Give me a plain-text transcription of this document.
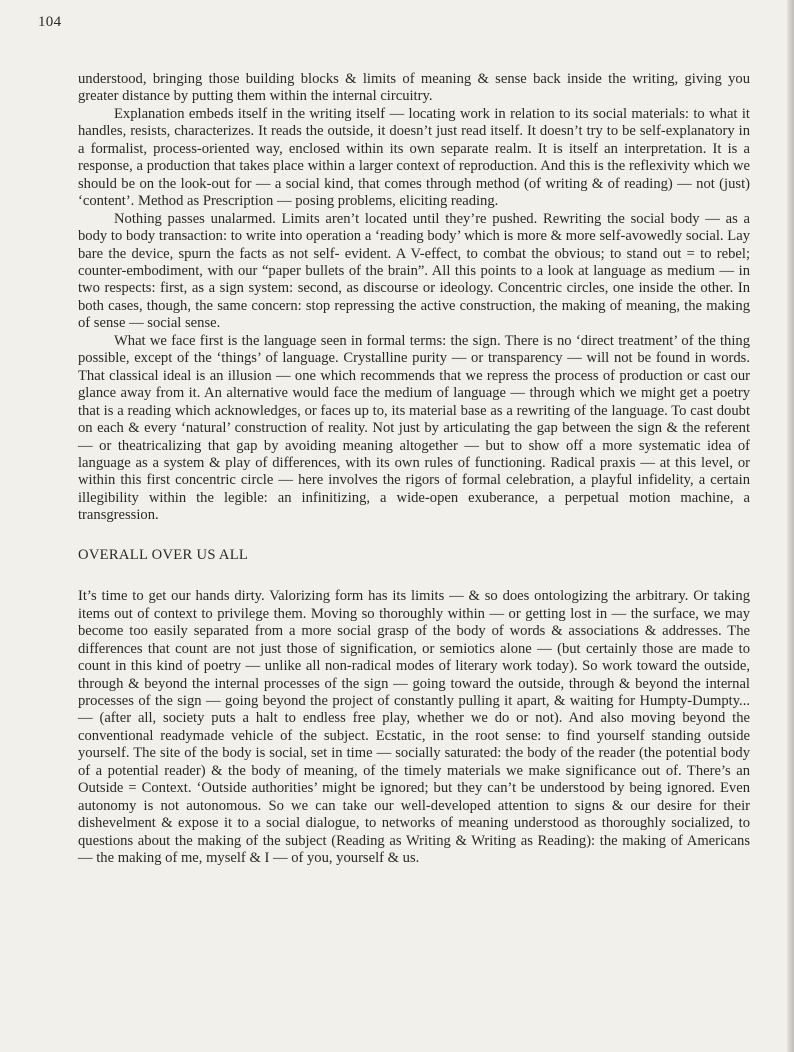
104

understood, bringing those building blocks & limits of meaning & sense back inside the writing, giving you greater distance by putting them within the internal circuitry.

Explanation embeds itself in the writing itself — locating work in relation to its social materials: to what it handles, resists, characterizes. It reads the outside, it doesn’t just read itself. It doesn’t try to be self-explanatory in a formalist, process-oriented way, enclosed within its own separate realm. It is itself an interpretation. It is a response, a production that takes place within a larger context of reproduction. And this is the reflexivity which we should be on the look-out for — a social kind, that comes through method (of writing & of reading) — not (just) ‘content’. Method as Prescription — posing problems, eliciting reading.

Nothing passes unalarmed. Limits aren’t located until they’re pushed. Rewriting the social body — as a body to body transaction: to write into operation a ‘reading body’ which is more & more self-avowedly social. Lay bare the device, spurn the facts as not self- evident. A V-effect, to combat the obvious; to stand out = to rebel; counter-embodiment, with our “paper bullets of the brain”. All this points to a look at language as medium — in two respects: first, as a sign system: second, as discourse or ideology. Concentric circles, one inside the other. In both cases, though, the same concern: stop repressing the active construction, the making of meaning, the making of sense — social sense.

What we face first is the language seen in formal terms: the sign. There is no ‘direct treatment’ of the thing possible, except of the ‘things’ of language. Crystalline purity — or transparency — will not be found in words. That classical ideal is an illusion — one which recommends that we repress the process of production or cast our glance away from it. An alternative would face the medium of language — through which we might get a poetry that is a reading which acknowledges, or faces up to, its material base as a rewriting of the language. To cast doubt on each & every ‘natural’ construction of reality. Not just by articulating the gap between the sign & the referent — or theatricalizing that gap by avoiding meaning altogether — but to show off a more systematic idea of language as a system & play of differences, with its own rules of functioning. Radical praxis — at this level, or within this first concentric circle — here involves the rigors of formal celebration, a playful infidelity, a certain illegibility within the legible: an infinitizing, a wide-open exuberance, a perpetual motion machine, a transgression.

OVERALL OVER US ALL

It’s time to get our hands dirty. Valorizing form has its limits — & so does ontologizing the arbitrary. Or taking items out of context to privilege them. Moving so thoroughly within — or getting lost in — the surface, we may become too easily separated from a more social grasp of the body of words & associations & addresses. The differences that count are not just those of signification, or semiotics alone — (but certainly those are made to count in this kind of poetry — unlike all non-radical modes of literary work today). So work toward the outside, through & beyond the internal processes of the sign — going toward the outside, through & beyond the internal processes of the sign — going beyond the project of constantly pulling it apart, & waiting for Humpty-Dumpty... — (after all, society puts a halt to endless free play, whether we do or not). And also moving beyond the conventional readymade vehicle of the subject. Ecstatic, in the root sense: to find yourself standing outside yourself. The site of the body is social, set in time — socially saturated: the body of the reader (the potential body of a potential reader) & the body of meaning, of the timely materials we make significance out of. There’s an Outside = Context. ‘Outside authorities’ might be ignored; but they can’t be understood by being ignored. Even autonomy is not autonomous. So we can take our well-developed attention to signs & our desire for their dishevelment & expose it to a social dialogue, to networks of meaning understood as thoroughly socialized, to questions about the making of the subject (Reading as Writing & Writing as Reading): the making of Americans — the making of me, myself & I — of you, yourself & us.
